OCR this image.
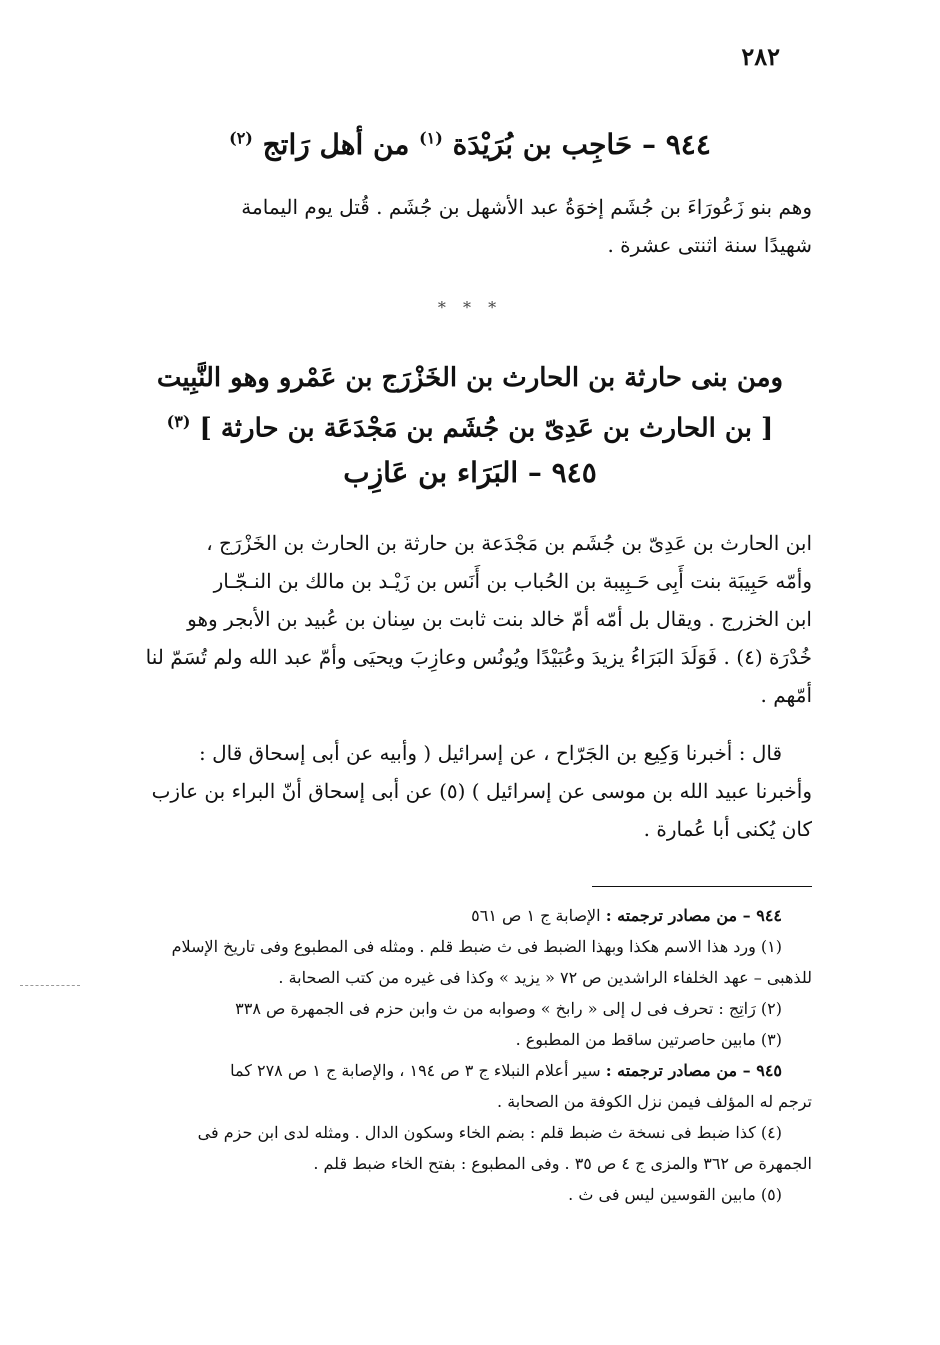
٢٨٢
٩٤٤ – حَاجِب بن بُرَيْدَة $^{(١)}$ من أهل رَاتج $^{(٢)}$
وهم بنو زَعُورَاءَ بن جُشَم إخوَةُ عبد الأشهل بن جُشَم . قُتل يوم اليمامة
شهيدًا سنة اثنتى عشرة .
* * *
ومن بنى حارثة بن الحارث بن الخَزْرَج بن عَمْرو وهو النَّبِيت
[ بن الحارث بن عَدِىّ بن جُشَم بن مَجْدَعَة بن حارثة ] $^{(٣)}$
٩٤٥ – البَرَاء بن عَازِب
ابن الحارث بن عَدِىّ بن جُشَم بن مَجْدَعة بن حارثة بن الحارث بن الخَزْرَج ،
وأمّه حَبِيبَة بنت أَبِى حَـبِيبة بن الحُباب بن أَنَس بن زَيْـد بن مالك بن النـجّـار
ابن الخزرج . ويقال بل أمّه أمّ خالد بنت ثابت بن سِنان بن عُبيد بن الأبجر وهو
خُدْرَة (٤) . فَوَلَدَ البَرَاءُ يزيدَ وعُبَيْدًا ويُونُس وعازِبَ ويحيَى وأمّ عبد الله ولم تُسَمّ لنا
أمّهم .
قال : أخبرنا وَكِيع بن الجَرّاح ، عن إسرائيل ( وأبيه عن أبى إسحاق قال :
وأخبرنا عبيد الله بن موسى عن إسرائيل ) (٥) عن أبى إسحاق أنّ البراء بن عازب
كان يُكنى أبا عُمارة .
٩٤٤ – من مصادر ترجمته : الإصابة ج ١ ص ٥٦١
(١) ورد هذا الاسم هكذا وبهذا الضبط فى ث ضبط قلم . ومثله فى المطبوع وفى تاريخ الإسلام
للذهبى – عهد الخلفاء الراشدين ص ٧٢ « يزيد » وكذا فى غيره من كتب الصحابة .
(٢) رَاتِج : تحرف فى ل إلى « رابخ » وصوابه من ث وابن حزم فى الجمهرة ص ٣٣٨
(٣) مابين حاصرتين ساقط من المطبوع .
٩٤٥ – من مصادر ترجمته : سير أعلام النبلاء ج ٣ ص ١٩٤ ، والإصابة ج ١ ص ٢٧٨ كما
ترجم له المؤلف فيمن نزل الكوفة من الصحابة .
(٤) كذا ضبط فى نسخة ث ضبط قلم : بضم الخاء وسكون الدال . ومثله لدى ابن حزم فى
الجمهرة ص ٣٦٢ والمزى ج ٤ ص ٣٥ . وفى المطبوع : بفتح الخاء ضبط قلم .
(٥) مابين القوسين ليس فى ث .
